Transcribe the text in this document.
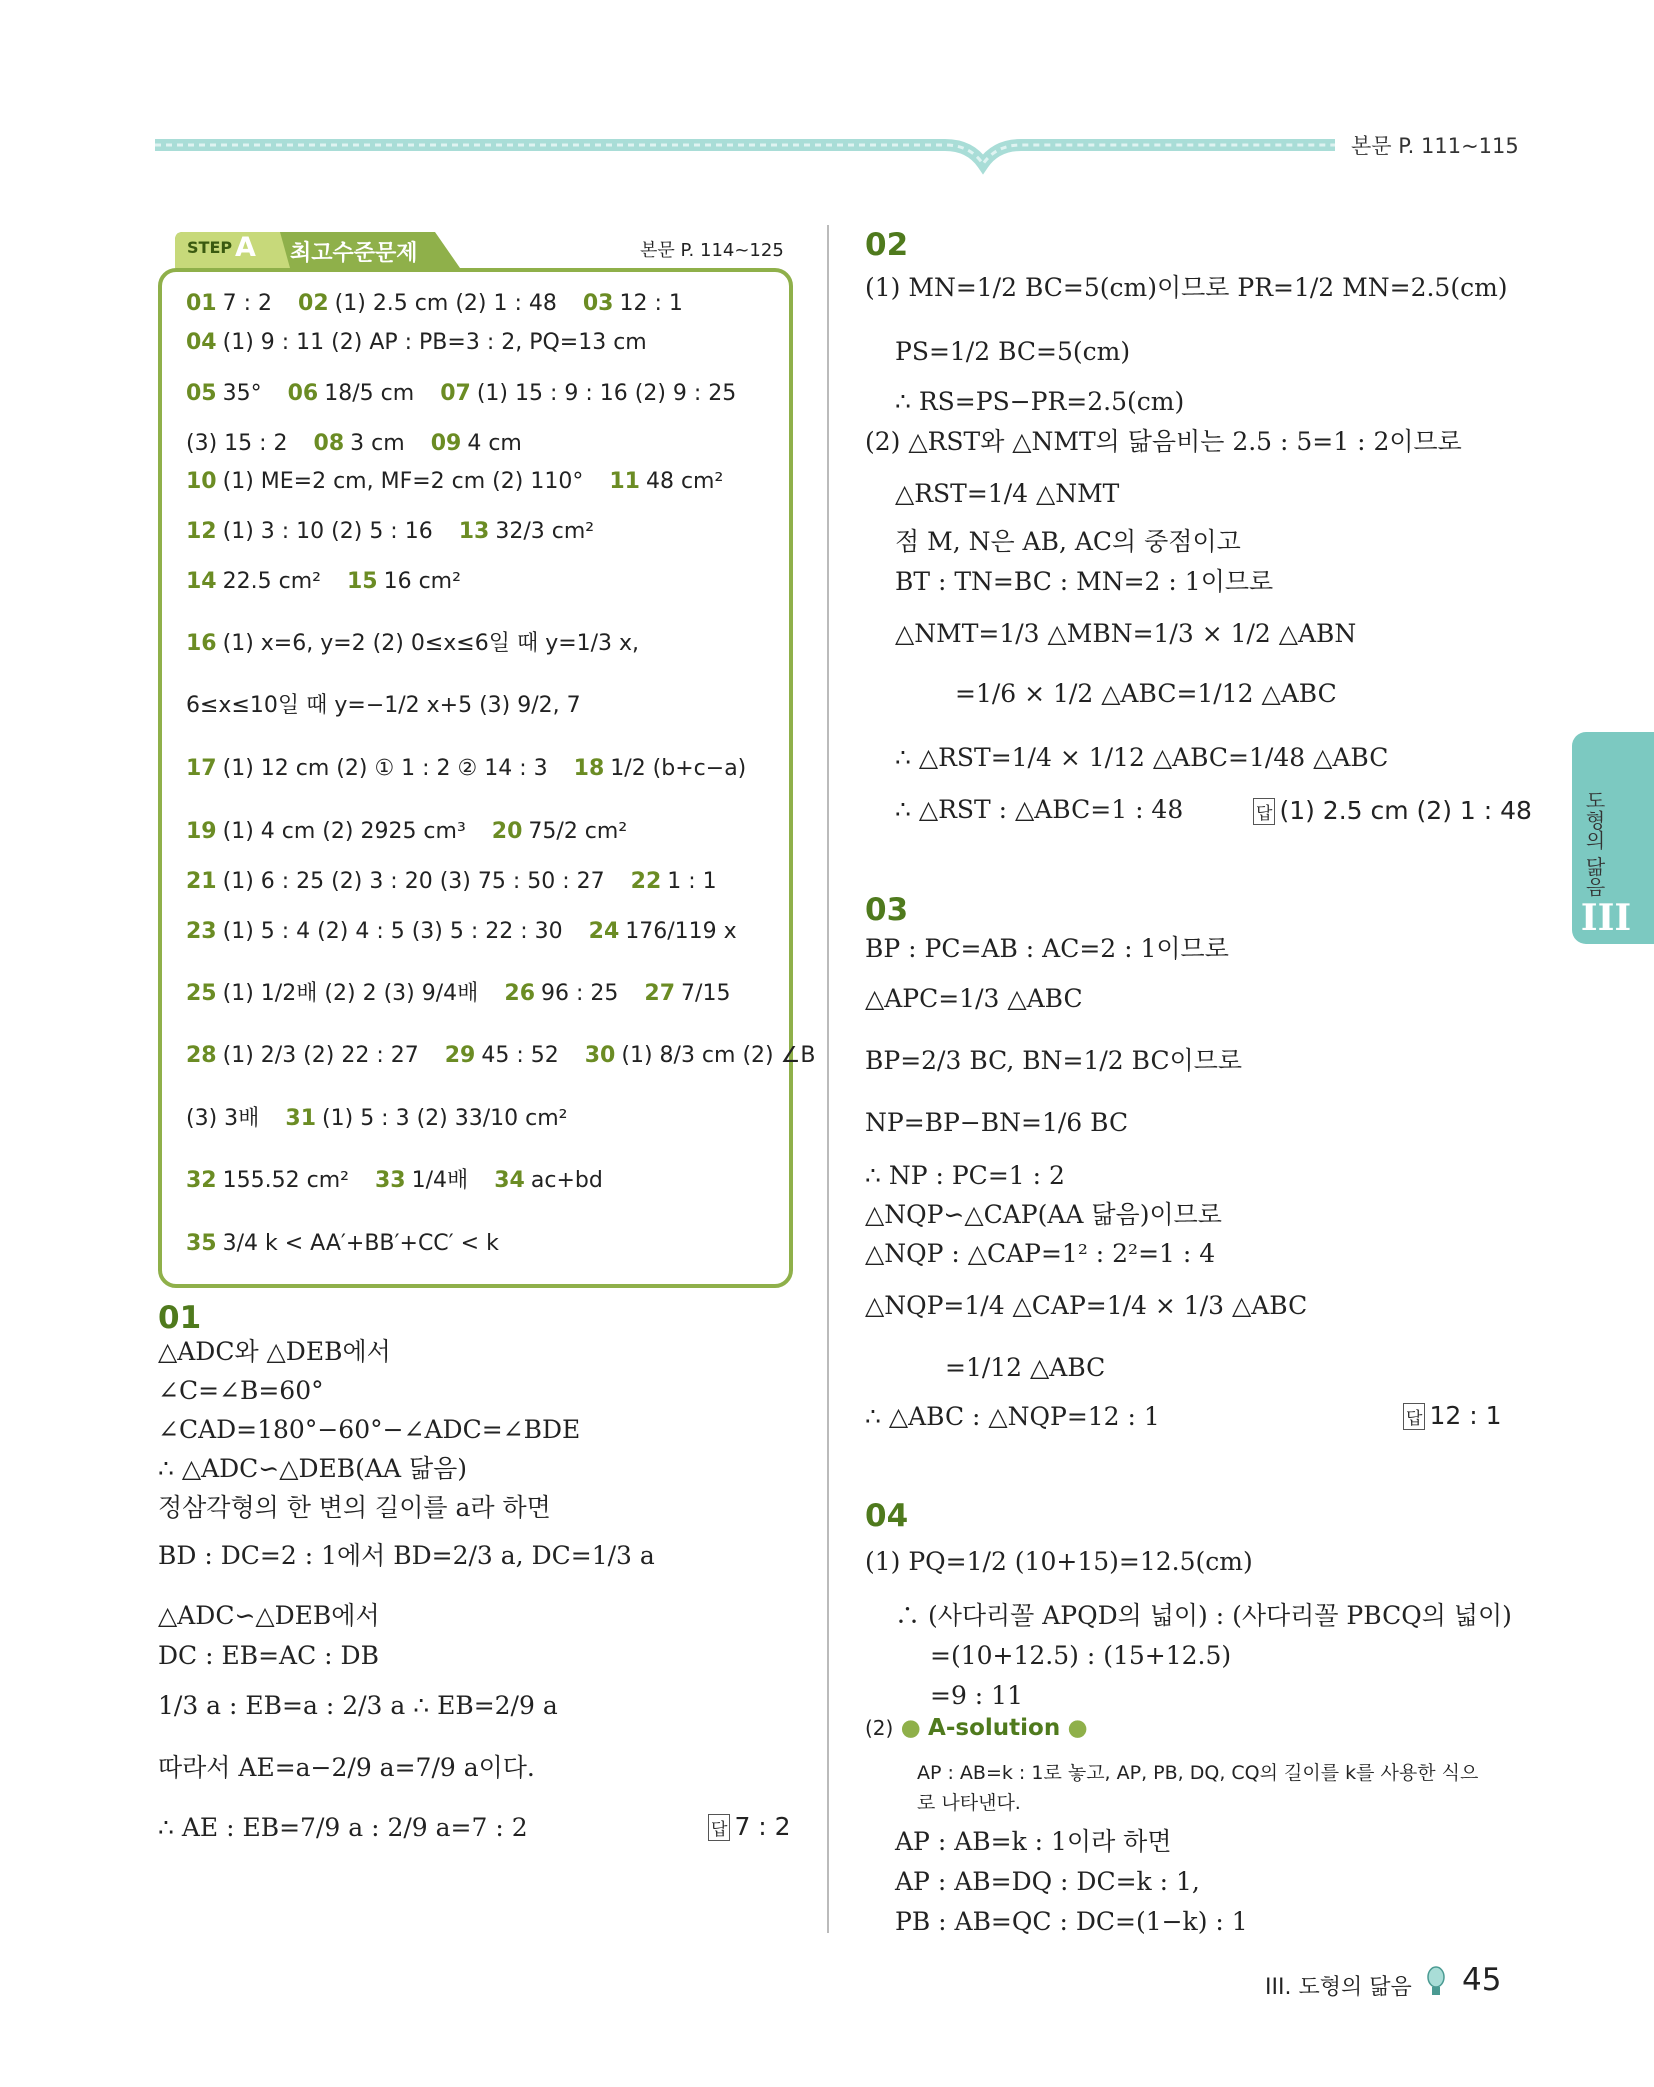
본문 P. 111~115
STEP A 최고수준문제	본문 P. 114~125
01 7 : 2 02 (1) 2.5 cm (2) 1 : 48 03 12 : 1
04 (1) 9 : 11 (2) AP : PB=3 : 2, PQ=13 cm
05 35° 06 18/5 cm 07 (1) 15 : 9 : 16 (2) 9 : 25
(3) 15 : 2 08 3 cm 09 4 cm
10 (1) ME=2 cm, MF=2 cm (2) 110° 11 48 cm²
12 (1) 3 : 10 (2) 5 : 16 13 32/3 cm²
14 22.5 cm² 15 16 cm²
16 (1) x=6, y=2 (2) 0≤x≤6일 때 y=1/3 x,
6≤x≤10일 때 y=−1/2 x+5 (3) 9/2, 7
17 (1) 12 cm (2) ① 1 : 2 ② 14 : 3 18 1/2 (b+c−a)
19 (1) 4 cm (2) 2925 cm³ 20 75/2 cm²
21 (1) 6 : 25 (2) 3 : 20 (3) 75 : 50 : 27 22 1 : 1
23 (1) 5 : 4 (2) 4 : 5 (3) 5 : 22 : 30 24 176/119 x
25 (1) 1/2배 (2) 2 (3) 9/4배 26 96 : 25 27 7/15
28 (1) 2/3 (2) 22 : 27 29 45 : 52 30 (1) 8/3 cm (2) ∠B
(3) 3배 31 (1) 5 : 3 (2) 33/10 cm²
32 155.52 cm² 33 1/4배 34 ac+bd
35 3/4 k < AA′+BB′+CC′ < k
01
△ADC와 △DEB에서
∠C=∠B=60°
∠CAD=180°−60°−∠ADC=∠BDE
∴ △ADC∽△DEB(AA 닮음)
정삼각형의 한 변의 길이를 a라 하면
BD : DC=2 : 1에서 BD=2/3 a, DC=1/3 a
△ADC∽△DEB에서
DC : EB=AC : DB
1/3 a : EB=a : 2/3 a ∴ EB=2/9 a
따라서 AE=a−2/9 a=7/9 a이다.
∴ AE : EB=7/9 a : 2/9 a=7 : 2	답 7 : 2
02
(1) MN=1/2 BC=5(cm)이므로 PR=1/2 MN=2.5(cm)
PS=1/2 BC=5(cm)
∴ RS=PS−PR=2.5(cm)
(2) △RST와 △NMT의 닮음비는 2.5 : 5=1 : 2이므로
△RST=1/4 △NMT
점 M, N은 AB, AC의 중점이고
BT : TN=BC : MN=2 : 1이므로
△NMT=1/3 △MBN=1/3 × 1/2 △ABN
=1/6 × 1/2 △ABC=1/12 △ABC
∴ △RST=1/4 × 1/12 △ABC=1/48 △ABC
∴ △RST : △ABC=1 : 48	답 (1) 2.5 cm (2) 1 : 48
03
BP : PC=AB : AC=2 : 1이므로
△APC=1/3 △ABC
BP=2/3 BC, BN=1/2 BC이므로
NP=BP−BN=1/6 BC
∴ NP : PC=1 : 2
△NQP∽△CAP(AA 닮음)이므로
△NQP : △CAP=1² : 2²=1 : 4
△NQP=1/4 △CAP=1/4 × 1/3 △ABC
=1/12 △ABC
∴ △ABC : △NQP=12 : 1	답 12 : 1
04
(1) PQ=1/2 (10+15)=12.5(cm)
∴ (사다리꼴 APQD의 넓이) : (사다리꼴 PBCQ의 넓이)
=(10+12.5) : (15+12.5)
=9 : 11
(2) ● A-solution ●
AP : AB=k : 1로 놓고, AP, PB, DQ, CQ의 길이를 k를 사용한 식으
로 나타낸다.
AP : AB=k : 1이라 하면
AP : AB=DQ : DC=k : 1,
PB : AB=QC : DC=(1−k) : 1
도형의 닮음
III
III. 도형의 닮음 45
